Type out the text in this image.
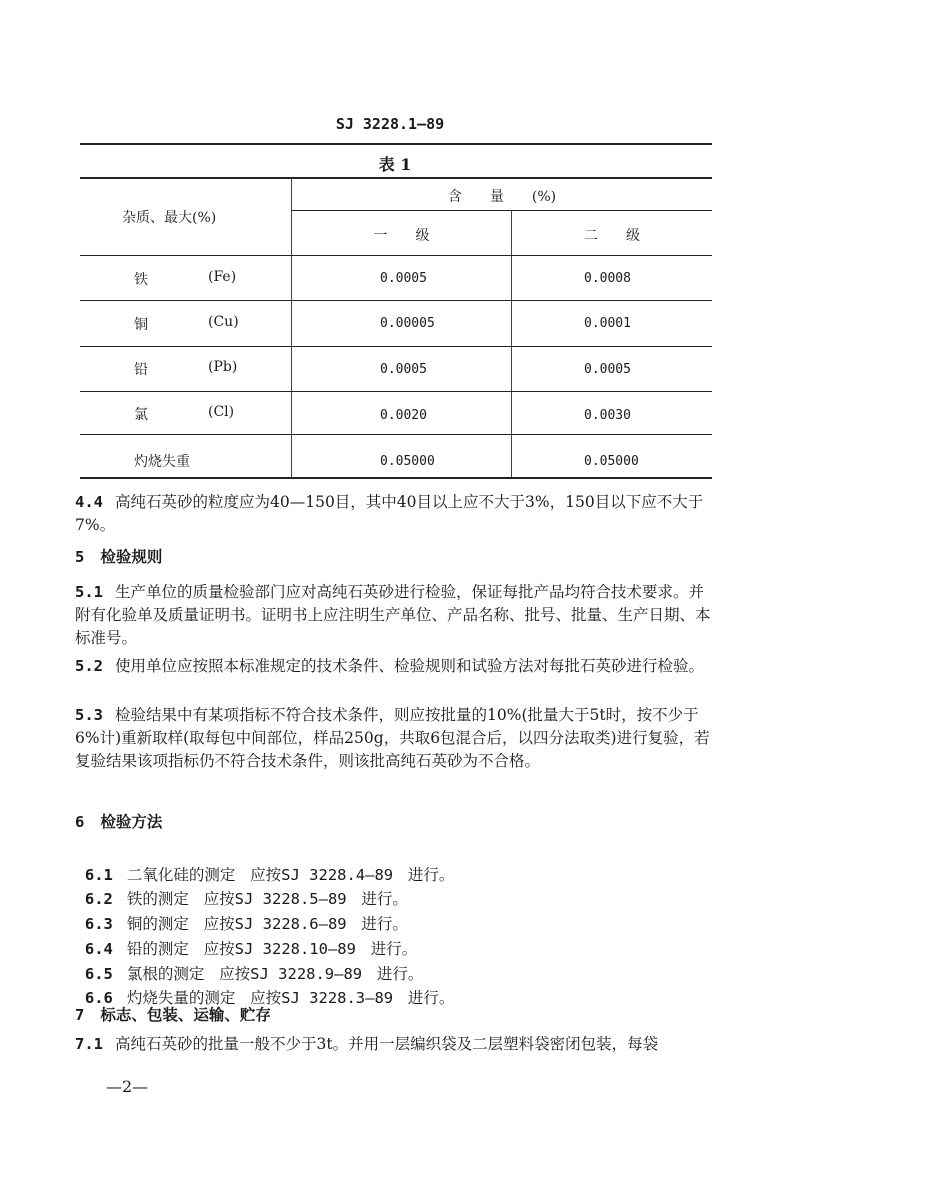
SJ 3228.1—89
表 1
杂质、最大(%)
含　　量　　(%)
一　　级	二　　级
铁	(Fe)	0.0005	0.0008
铜	(Cu)	0.00005	0.0001
铅	(Pb)	0.0005	0.0005
氯	(Cl)	0.0020	0.0030
灼烧失重	0.05000	0.05000
4.4 高纯石英砂的粒度应为40—150目，其中40目以上应不大于3%，150目以下应不大于7%。
5 检验规则
5.1 生产单位的质量检验部门应对高纯石英砂进行检验，保证每批产品均符合技术要求。并附有化验单及质量证明书。证明书上应注明生产单位、产品名称、批号、批量、生产日期、本标准号。
5.2 使用单位应按照本标准规定的技术条件、检验规则和试验方法对每批石英砂进行检验。
5.3 检验结果中有某项指标不符合技术条件，则应按批量的10%(批量大于5t时，按不少于6%计)重新取样(取每包中间部位，样品250g，共取6包混合后，以四分法取类)进行复验，若复验结果该项指标仍不符合技术条件，则该批高纯石英砂为不合格。
6 检验方法

6.1 二氧化硅的测定 应按SJ 3228.4—89 进行。

6.2 铁的测定 应按SJ 3228.5—89 进行。

6.3 铜的测定 应按SJ 3228.6—89 进行。

6.4 铅的测定 应按SJ 3228.10—89 进行。

6.5 氯根的测定 应按SJ 3228.9—89 进行。

6.6 灼烧失量的测定 应按SJ 3228.3—89 进行。

7 标志、包装、运输、贮存
7.1 高纯石英砂的批量一般不少于3t。并用一层编织袋及二层塑料袋密闭包装，每袋
—2—
